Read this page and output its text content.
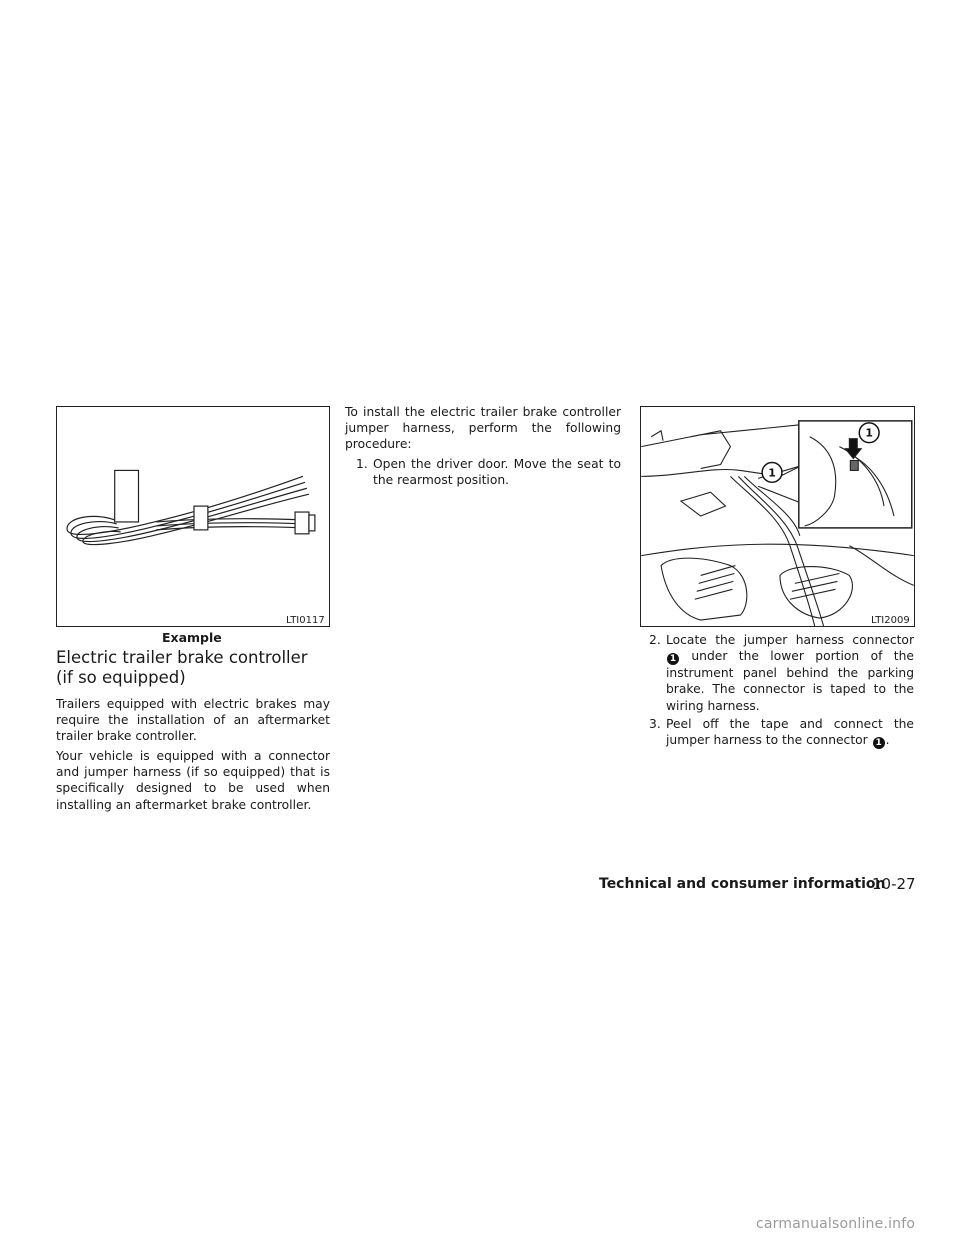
LTI0117
Example
Electric trailer brake controller
(if so equipped)

Trailers equipped with electric brakes may require the installation of an aftermarket trailer brake controller.

Your vehicle is equipped with a connector and jumper harness (if so equipped) that is specifically designed to be used when installing an aftermarket brake controller.

To install the electric trailer brake controller jumper harness, perform the following procedure:

1. Open the driver door. Move the seat to the rearmost position.
1
1
LTI2009
2. Locate the jumper harness connector 1 under the lower portion of the instrument panel behind the parking brake. The connector is taped to the wiring harness.
3. Peel off the tape and connect the jumper harness to the connector 1 .
Technical and consumer information
10-27
carmanualsonline.info
